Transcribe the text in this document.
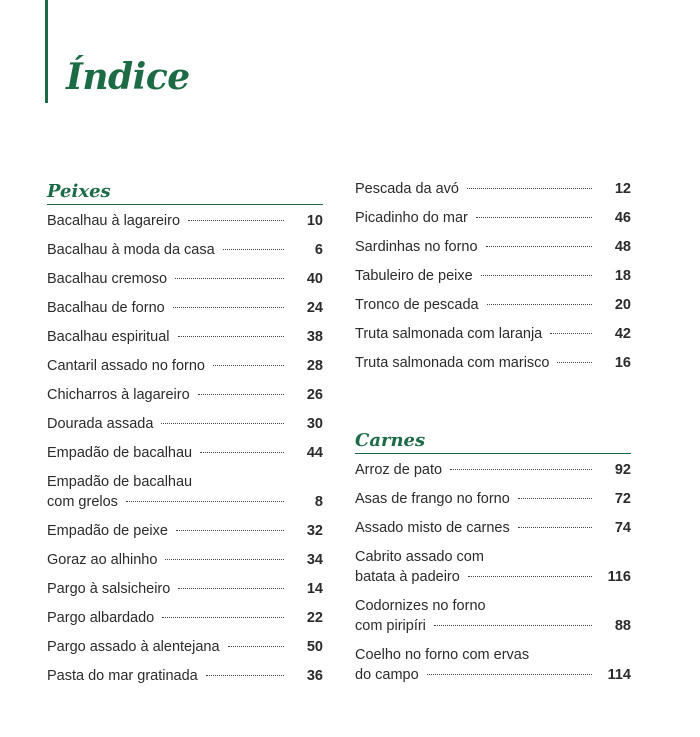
Índice
Peixes
Bacalhau à lagareiro	10
Bacalhau à moda da casa	6
Bacalhau cremoso	40
Bacalhau de forno	24
Bacalhau espiritual	38
Cantaril assado no forno	28
Chicharros à lagareiro	26
Dourada assada	30
Empadão de bacalhau	44
Empadão de bacalhau
com grelos	8
Empadão de peixe	32
Goraz ao alhinho	34
Pargo à salsicheiro	14
Pargo albardado	22
Pargo assado à alentejana	50
Pasta do mar gratinada	36
Pescada da avó	12
Picadinho do mar	46
Sardinhas no forno	48
Tabuleiro de peixe	18
Tronco de pescada	20
Truta salmonada com laranja	42
Truta salmonada com marisco	16
Carnes
Arroz de pato	92
Asas de frango no forno	72
Assado misto de carnes	74
Cabrito assado com
batata à padeiro	116
Codornizes no forno
com piripíri	88
Coelho no forno com ervas
do campo	114
